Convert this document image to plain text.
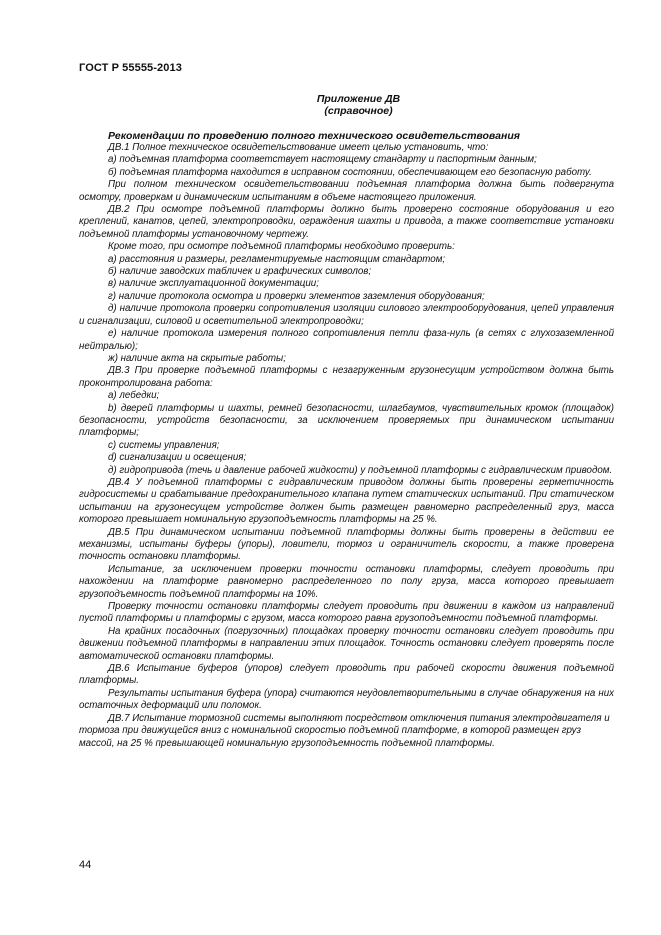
ГОСТ Р 55555-2013
Приложение ДВ
(справочное)
Рекомендации по проведению полного технического освидетельствования

ДВ.1 Полное техническое освидетельствование имеет целью установить, что:

а) подъемная платформа соответствует настоящему стандарту и паспортным данным;

б) подъемная платформа находится в исправном состоянии, обеспечивающем его безопасную работу.

При полном техническом освидетельствовании подъемная платформа должна быть подвергнута осмотру, проверкам и динамическим испытаниям в объеме настоящего приложения.

ДВ.2 При осмотре подъемной платформы должно быть проверено состояние оборудования и его креплений, канатов, цепей, электропроводки, ограждения шахты и привода, а также соответствие установки подъемной платформы установочному чертежу.

Кроме того, при осмотре подъемной платформы необходимо проверить:

а) расстояния и размеры, регламентируемые настоящим стандартом;

б) наличие заводских табличек и графических символов;

в) наличие эксплуатационной документации;

г) наличие протокола осмотра и проверки элементов заземления оборудования;

д) наличие протокола проверки сопротивления изоляции силового электрооборудования, цепей управления и сигнализации, силовой и осветительной электропроводки;

е) наличие протокола измерения полного сопротивления петли фаза-нуль (в сетях с глухозаземленной нейтралью);

ж) наличие акта на скрытые работы;

ДВ.3 При проверке подъемной платформы с незагруженным грузонесущим устройством должна быть проконтролирована работа:

а) лебедки;

b) дверей платформы и шахты, ремней безопасности, шлагбаумов, чувствительных кромок (площадок) безопасности, устройств безопасности, за исключением проверяемых при динамическом испытании платформы;

с) системы управления;

d) сигнализации и освещения;

д) гидропривода (течь и давление рабочей жидкости) у подъемной платформы с гидравлическим приводом.

ДВ.4 У подъемной платформы с гидравлическим приводом должны быть проверены герметичность гидросистемы и срабатывание предохранительного клапана путем статических испытаний. При статическом испытании на грузонесущем устройстве должен быть размещен равномерно распределенный груз, масса которого превышает номинальную грузоподъемность платформы на 25 %.

ДВ.5 При динамическом испытании подъемной платформы должны быть проверены в действии ее механизмы, испытаны буферы (упоры), ловители, тормоз и ограничитель скорости, а также проверена точность остановки платформы.

Испытание, за исключением проверки точности остановки платформы, следует проводить при нахождении на платформе равномерно распределенного по полу груза, масса которого превышает грузоподъемность подъемной платформы на 10%.

Проверку точности остановки платформы следует проводить при движении в каждом из направлений пустой платформы и платформы с грузом, масса которого равна грузоподъемности подъемной платформы.

На крайних посадочных (погрузочных) площадках проверку точности остановки следует проводить при движении подъемной платформы в направлении этих площадок. Точность остановки следует проверять после автоматической остановки платформы.

ДВ.6 Испытание буферов (упоров) следует проводить при рабочей скорости движения подъемной платформы.

Результаты испытания буфера (упора) считаются неудовлетворительными в случае обнаружения на них остаточных деформаций или поломок.

ДВ.7 Испытание тормозной системы выполняют посредством отключения питания электродвигателя и тормоза при движущейся вниз с номинальной скоростью подъемной платформе, в которой размещен груз массой, на 25 % превышающей номинальную грузоподъемность подъемной платформы.

44
